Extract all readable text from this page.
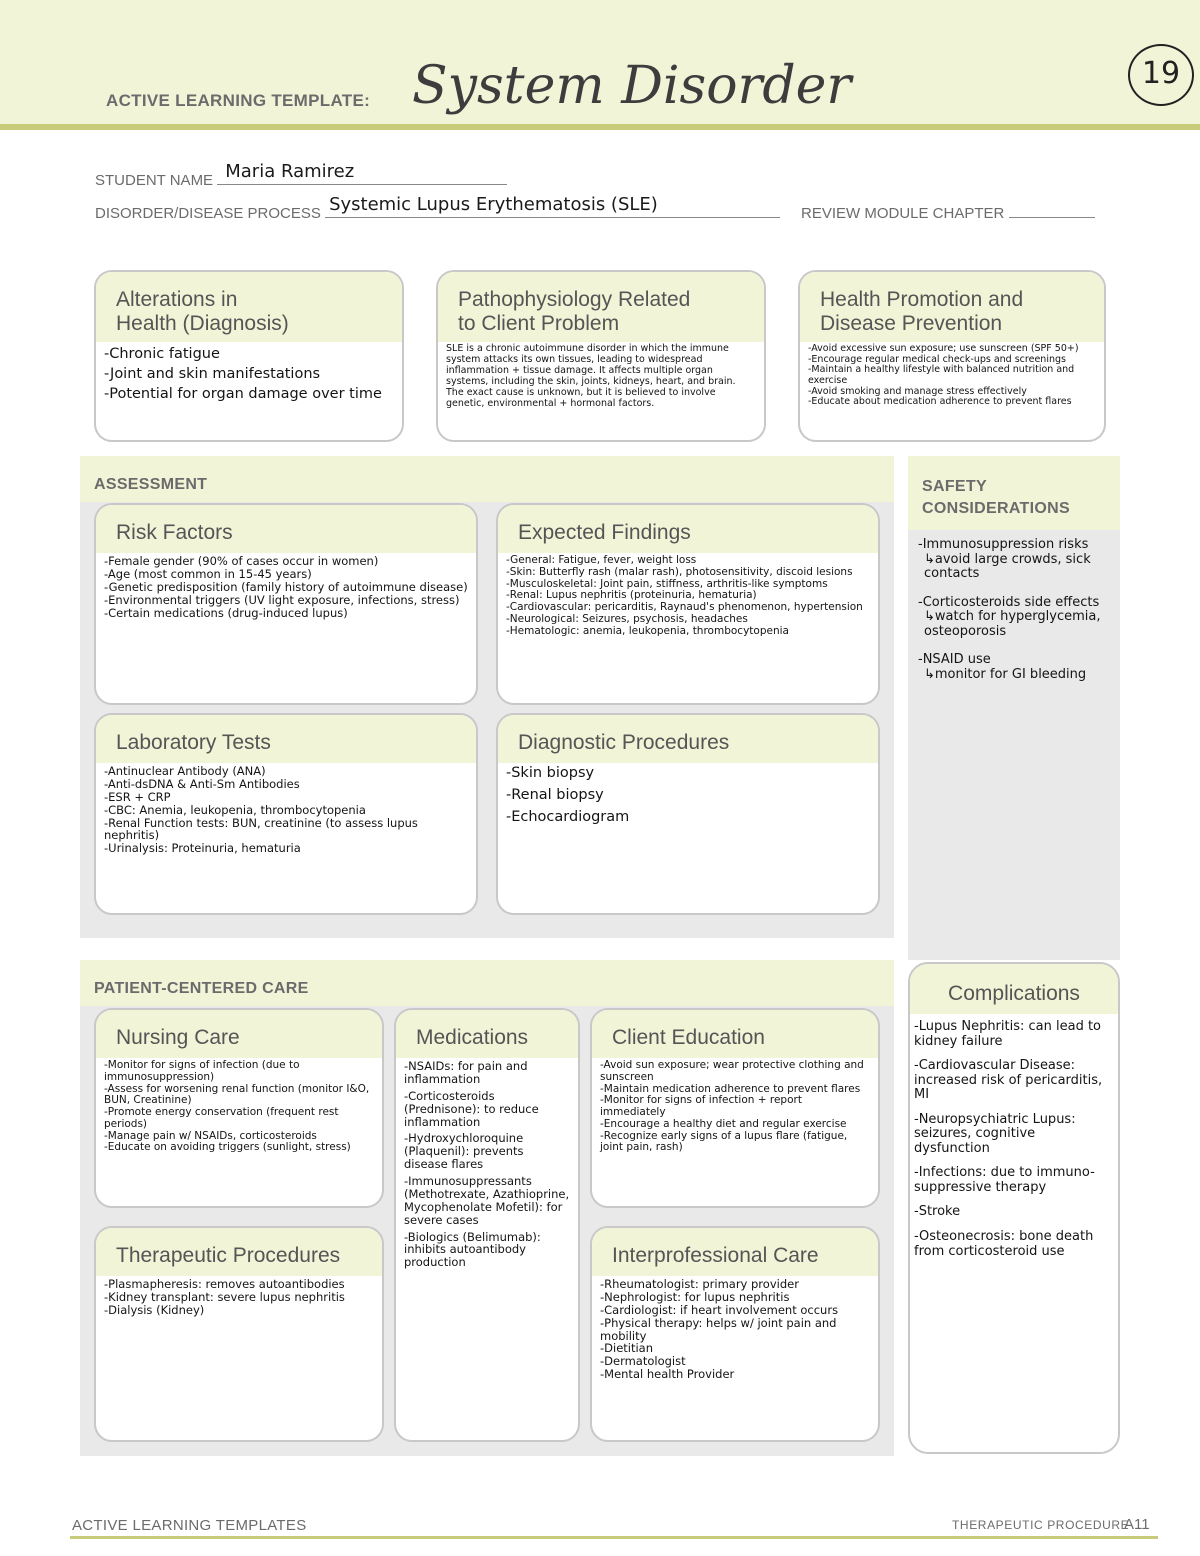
ACTIVE LEARNING TEMPLATE: System Disorder	19
STUDENT NAME Maria Ramirez
DISORDER/DISEASE PROCESS Systemic Lupus Erythematosis (SLE)	REVIEW MODULE CHAPTER
Alterations in
Health (Diagnosis)
-Chronic fatigue
-Joint and skin manifestations
-Potential for organ damage over time
Pathophysiology Related
to Client Problem
SLE is a chronic autoimmune disorder in which the immune system attacks its own tissues, leading to widespread inflammation + tissue damage. It affects multiple organ systems, including the skin, joints, kidneys, heart, and brain. The exact cause is unknown, but it is believed to involve genetic, environmental + hormonal factors.
Health Promotion and
Disease Prevention
-Avoid excessive sun exposure; use sunscreen (SPF 50+)
-Encourage regular medical check-ups and screenings
-Maintain a healthy lifestyle with balanced nutrition and exercise
-Avoid smoking and manage stress effectively
-Educate about medication adherence to prevent flares
ASSESSMENT
Risk Factors
-Female gender (90% of cases occur in women)
-Age (most common in 15-45 years)
-Genetic predisposition (family history of autoimmune disease)
-Environmental triggers (UV light exposure, infections, stress)
-Certain medications (drug-induced lupus)
Expected Findings
-General: Fatigue, fever, weight loss
-Skin: Butterfly rash (malar rash), photosensitivity, discoid lesions
-Musculoskeletal: Joint pain, stiffness, arthritis-like symptoms
-Renal: Lupus nephritis (proteinuria, hematuria)
-Cardiovascular: pericarditis, Raynaud's phenomenon, hypertension
-Neurological: Seizures, psychosis, headaches
-Hematologic: anemia, leukopenia, thrombocytopenia
Laboratory Tests
-Antinuclear Antibody (ANA)
-Anti-dsDNA & Anti-Sm Antibodies
-ESR + CRP
-CBC: Anemia, leukopenia, thrombocytopenia
-Renal Function tests: BUN, creatinine (to assess lupus nephritis)
-Urinalysis: Proteinuria, hematuria
Diagnostic Procedures
-Skin biopsy
-Renal biopsy
-Echocardiogram
SAFETY
CONSIDERATIONS
-Immunosuppression risks
↳avoid large crowds, sick contacts
-Corticosteroids side effects
↳watch for hyperglycemia, osteoporosis
-NSAID use
↳monitor for GI bleeding
PATIENT-CENTERED CARE
Nursing Care
-Monitor for signs of infection (due to immunosuppression)
-Assess for worsening renal function (monitor I&O, BUN, Creatinine)
-Promote energy conservation (frequent rest periods)
-Manage pain w/ NSAIDs, corticosteroids
-Educate on avoiding triggers (sunlight, stress)
Medications
-NSAIDs: for pain and inflammation
-Corticosteroids (Prednisone): to reduce inflammation
-Hydroxychloroquine (Plaquenil): prevents disease flares
-Immunosuppressants (Methotrexate, Azathioprine, Mycophenolate Mofetil): for severe cases
-Biologics (Belimumab): inhibits autoantibody production
Client Education
-Avoid sun exposure; wear protective clothing and sunscreen
-Maintain medication adherence to prevent flares
-Monitor for signs of infection + report immediately
-Encourage a healthy diet and regular exercise
-Recognize early signs of a lupus flare (fatigue, joint pain, rash)
Therapeutic Procedures
-Plasmapheresis: removes autoantibodies
-Kidney transplant: severe lupus nephritis
-Dialysis (Kidney)
Interprofessional Care
-Rheumatologist: primary provider
-Nephrologist: for lupus nephritis
-Cardiologist: if heart involvement occurs
-Physical therapy: helps w/ joint pain and mobility
-Dietitian
-Dermatologist
-Mental health Provider
Complications
-Lupus Nephritis: can lead to kidney failure
-Cardiovascular Disease: increased risk of pericarditis, MI
-Neuropsychiatric Lupus: seizures, cognitive dysfunction
-Infections: due to immuno-suppressive therapy
-Stroke
-Osteonecrosis: bone death from corticosteroid use
ACTIVE LEARNING TEMPLATES	THERAPEUTIC PROCEDURE
A11
